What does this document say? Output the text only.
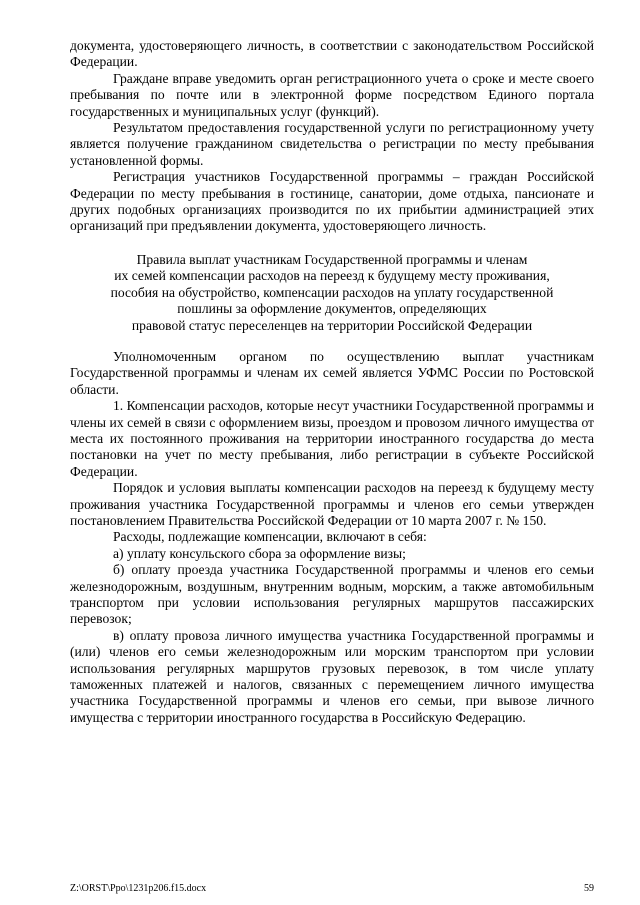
документа, удостоверяющего личность, в соответствии с законодательством Российской Федерации.

Граждане вправе уведомить орган регистрационного учета о сроке и месте своего пребывания по почте или в электронной форме посредством Единого портала государственных и муниципальных услуг (функций).

Результатом предоставления государственной услуги по регистрационному учету является получение гражданином свидетельства о регистрации по месту пребывания установленной формы.

Регистрация участников Государственной программы – граждан Российской Федерации по месту пребывания в гостинице, санатории, доме отдыха, пансионате и других подобных организациях производится по их прибытии администрацией этих организаций при предъявлении документа, удостоверяющего личность.

Правила выплат участникам Государственной программы и членам
их семей компенсации расходов на переезд к будущему месту проживания,
пособия на обустройство, компенсации расходов на уплату государственной
пошлины за оформление документов, определяющих
правовой статус переселенцев на территории Российской Федерации

Уполномоченным органом по осуществлению выплат участникам Государственной программы и членам их семей является УФМС России по Ростовской области.

1. Компенсации расходов, которые несут участники Государственной программы и члены их семей в связи с оформлением визы, проездом и провозом личного имущества от места их постоянного проживания на территории иностранного государства до места постановки на учет по месту пребывания, либо регистрации в субъекте Российской Федерации.

Порядок и условия выплаты компенсации расходов на переезд к будущему месту проживания участника Государственной программы и членов его семьи утвержден постановлением Правительства Российской Федерации от 10 марта 2007 г. № 150.

Расходы, подлежащие компенсации, включают в себя:

а) уплату консульского сбора за оформление визы;

б) оплату проезда участника Государственной программы и членов его семьи железнодорожным, воздушным, внутренним водным, морским, а также автомобильным транспортом при условии использования регулярных маршрутов пассажирских перевозок;

в) оплату провоза личного имущества участника Государственной программы и (или) членов его семьи железнодорожным или морским транспортом при условии использования регулярных маршрутов грузовых перевозок, в том числе уплату таможенных платежей и налогов, связанных с перемещением личного имущества участника Государственной программы и членов его семьи, при вывозе личного имущества с территории иностранного государства в Российскую Федерацию.

Z:\ORST\Ppo\1231p206.f15.docx	59
